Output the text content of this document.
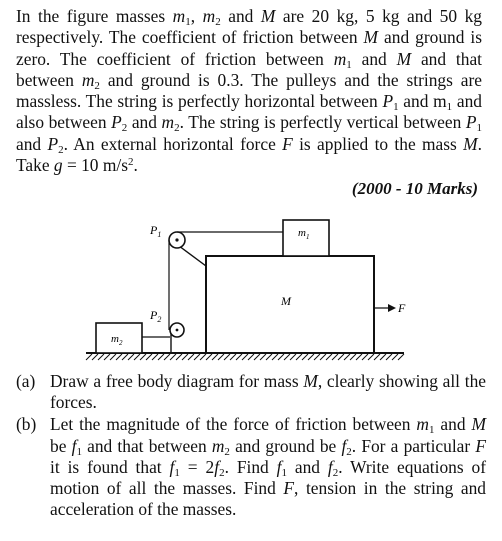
In the figure masses $m_1$, $m_2$ and M are 20 kg, 5 kg and 50 kg respectively. The coefficient of friction between M and ground is zero. The coefficient of friction between $m_1$ and M and that between $m_2$ and ground is 0.3. The pulleys and the strings are massless. The string is perfectly horizontal between $P_1$ and $m_1$ and also between $P_2$ and $m_2$. The string is perfectly vertical between $P_1$ and $P_2$. An external horizontal force F is applied to the mass M. Take g = 10 $m/s^2$.

(2000 - 10 Marks)

$P_1$
$P_2$
$m_1$
$m_2$
M	F
(a) Draw a free body diagram for mass M, clearly showing all the forces.
(b) Let the magnitude of the force of friction between $m_1$ and M be $f_1$ and that between $m_2$ and ground be $f_2$. For a particular F it is found that $f_1 = 2f_2$. Find $f_1$ and $f_2$. Write equations of motion of all the masses. Find F, tension in the string and acceleration of the masses.
